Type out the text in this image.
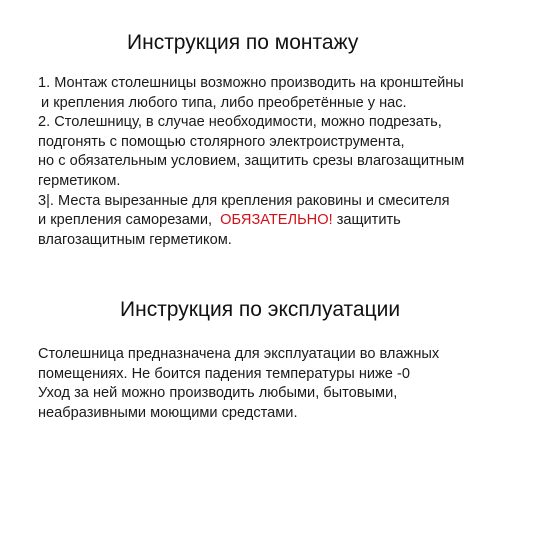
Инструкция по монтажу
1. Монтаж столешницы возможно производить на кронштейны
и крепления любого типа, либо преобретённые у нас.
2. Столешницу, в случае необходимости, можно подрезать,
подгонять с помощью столярного электроиструмента,
но с обязательным условием, защитить срезы влагозащитным
герметиком.
3|. Места вырезанные для крепления раковины и смесителя
и крепления саморезами,  ОБЯЗАТЕЛЬНО! защитить
влагозащитным герметиком.
Инструкция по эксплуатации
Столешница предназначена для эксплуатации во влажных
помещениях. Не боится падения температуры ниже -0
Уход за ней можно производить любыми, бытовыми,
неабразивными моющими средстами.
